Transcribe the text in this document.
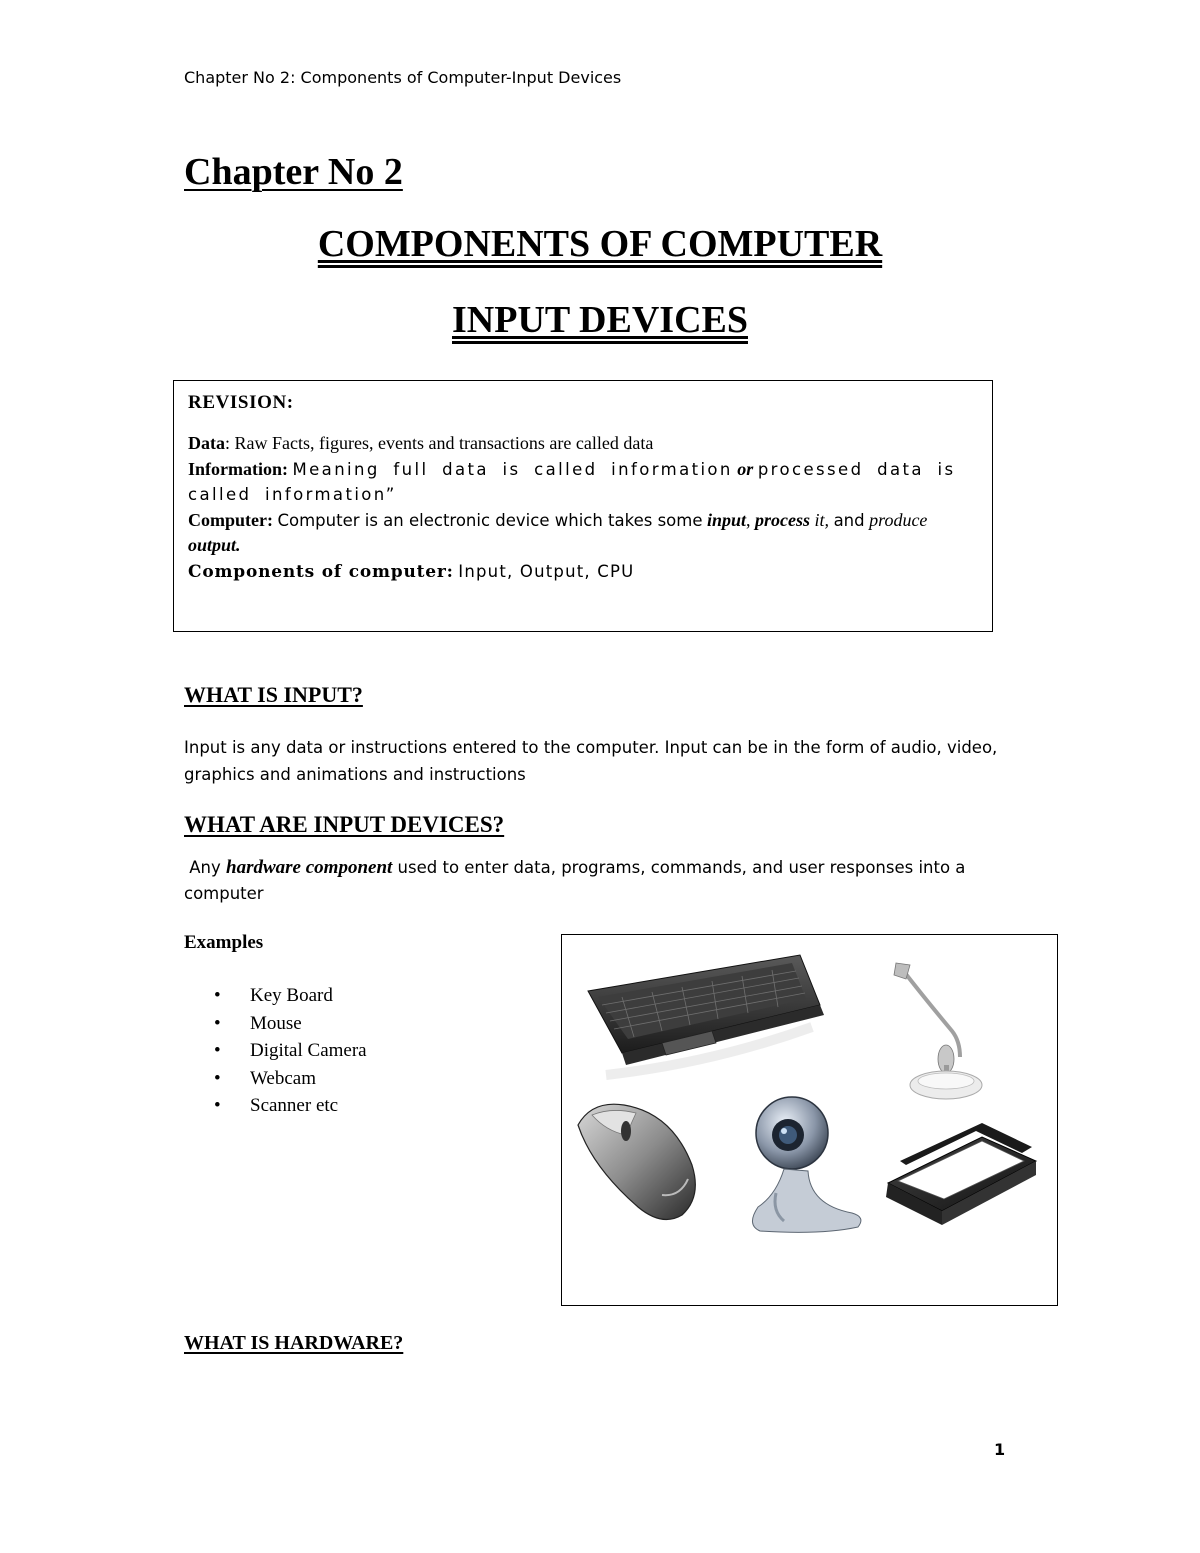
Chapter No 2: Components of Computer-Input Devices
Chapter No 2
COMPONENTS OF COMPUTER
INPUT DEVICES
REVISION:
Data: Raw Facts, figures, events and transactions are called data
Information: Meaning full data is called information or processed data is called information”
Computer: Computer is an electronic device which takes some input, process it, and produce output.
Components of computer: Input, Output, CPU
WHAT IS INPUT?
Input is any data or instructions entered to the computer. Input can be in the form of audio, video, graphics and animations and instructions
WHAT ARE INPUT DEVICES?
Any hardware component used to enter data, programs, commands, and user responses into a computer
Examples
• Key Board
• Mouse
• Digital Camera
• Webcam
• Scanner etc
WHAT IS HARDWARE?
1
